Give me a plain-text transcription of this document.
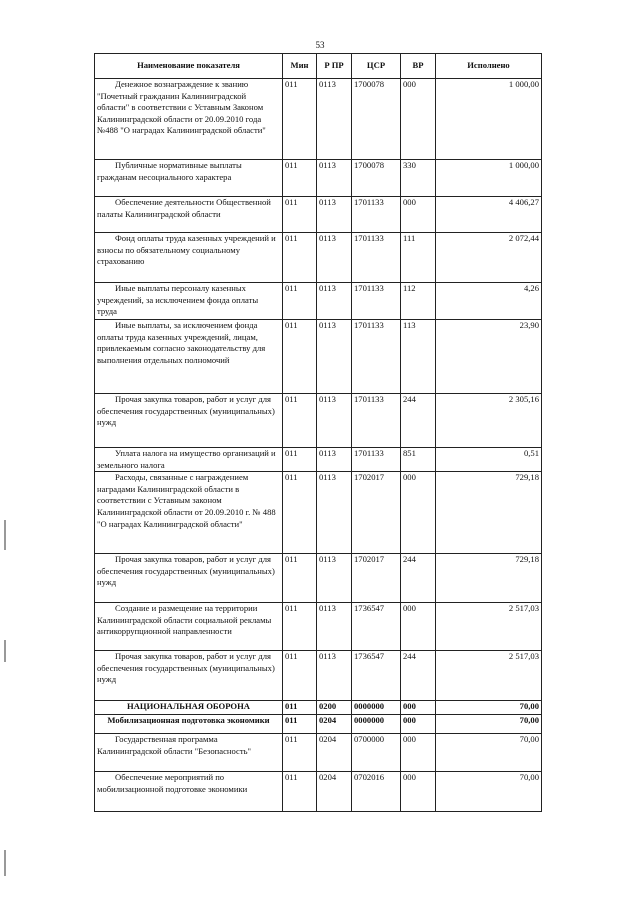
53
Наименование показателя	Мин	Р ПР	ЦСР	ВР	Исполнено
Денежное вознаграждение к званию "Почетный гражданин Калининградской области" в соответствии с Уставным Законом Калининградской области от 20.09.2010 года №488 "О наградах Калининградской области"	011	0113	1700078	000	1 000,00
Публичные нормативные выплаты гражданам несоциального характера	011	0113	1700078	330	1 000,00
Обеспечение деятельности Общественной палаты Калининградской области	011	0113	1701133	000	4 406,27
Фонд оплаты труда казенных учреждений и взносы по обязательному социальному страхованию	011	0113	1701133	111	2 072,44
Иные выплаты персоналу казенных учреждений, за исключением фонда оплаты труда	011	0113	1701133	112	4,26
Иные выплаты, за исключением фонда оплаты труда казенных учреждений, лицам, привлекаемым согласно законодательству для выполнения отдельных полномочий	011	0113	1701133	113	23,90
Прочая закупка товаров, работ и услуг для обеспечения государственных (муниципальных) нужд	011	0113	1701133	244	2 305,16
Уплата налога на имущество организаций и земельного налога	011	0113	1701133	851	0,51
Расходы, связанные с награждением наградами Калининградской области в соответствии с Уставным законом Калининградской области от 20.09.2010 г. № 488 "О наградах Калининградской области"	011	0113	1702017	000	729,18
Прочая закупка товаров, работ и услуг для обеспечения государственных (муниципальных) нужд	011	0113	1702017	244	729,18
Создание и размещение на территории Калининградской области социальной рекламы антикоррупционной направленности	011	0113	1736547	000	2 517,03
Прочая закупка товаров, работ и услуг для обеспечения государственных (муниципальных) нужд	011	0113	1736547	244	2 517,03
НАЦИОНАЛЬНАЯ ОБОРОНА	011	0200	0000000	000	70,00
Мобилизационная подготовка экономики	011	0204	0000000	000	70,00
Государственная программа Калининградской области "Безопасность"	011	0204	0700000	000	70,00
Обеспечение мероприятий по мобилизационной подготовке экономики	011	0204	0702016	000	70,00
